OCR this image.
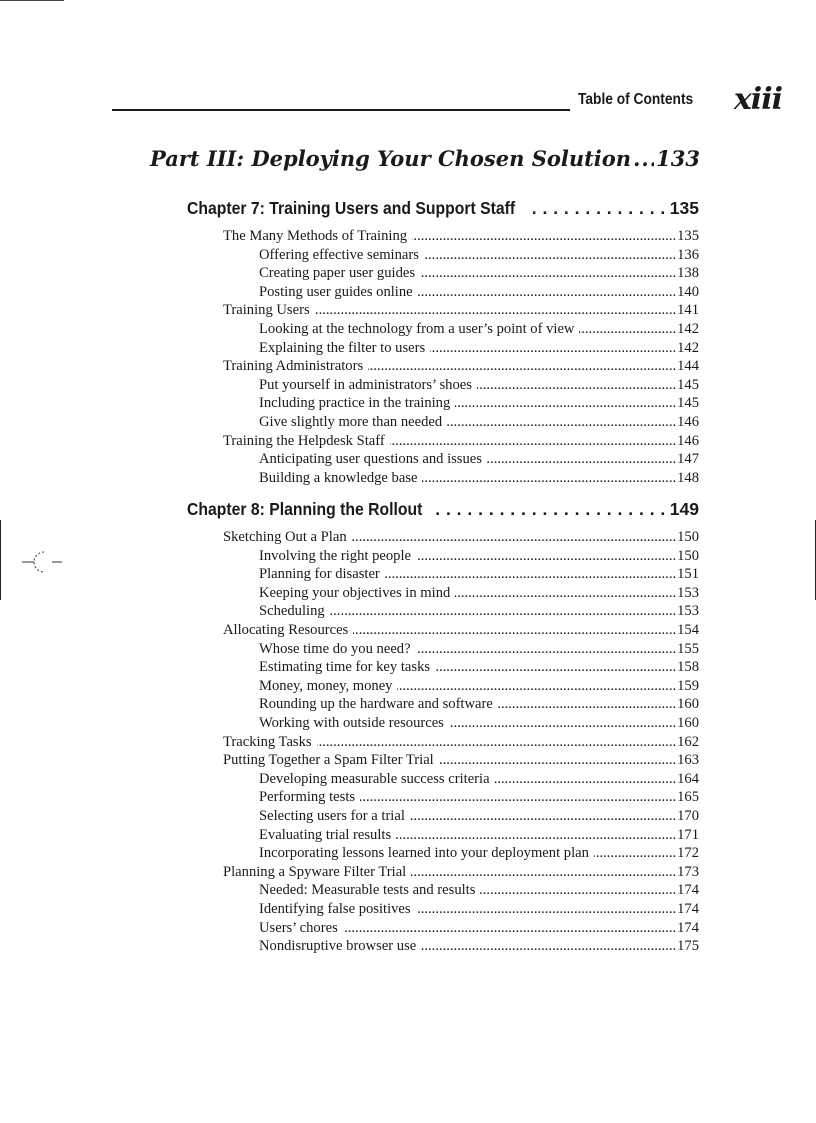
Table of Contents xiii
Part III: Deploying Your Chosen Solution ..... 133
Chapter 7: Training Users and Support Staff . . .	135
The Many Methods of Training .....	135
Offering effective seminars .....	136
Creating paper user guides .....	138
Posting user guides online .....	140
Training Users .....	141
Looking at the technology from a user’s point of view .....	142
Explaining the filter to users .....	142
Training Administrators .....	144
Put yourself in administrators’ shoes .....	145
Including practice in the training .....	145
Give slightly more than needed .....	146
Training the Helpdesk Staff .....	146
Anticipating user questions and issues .....	147
Building a knowledge base .....	148
Chapter 8: Planning the Rollout . . .	149
Sketching Out a Plan .....	150
Involving the right people .....	150
Planning for disaster .....	151
Keeping your objectives in mind .....	153
Scheduling .....	153
Allocating Resources .....	154
Whose time do you need? .....	155
Estimating time for key tasks .....	158
Money, money, money .....	159
Rounding up the hardware and software .....	160
Working with outside resources .....	160
Tracking Tasks .....	162
Putting Together a Spam Filter Trial .....	163
Developing measurable success criteria .....	164
Performing tests .....	165
Selecting users for a trial .....	170
Evaluating trial results .....	171
Incorporating lessons learned into your deployment plan .....	172
Planning a Spyware Filter Trial .....	173
Needed: Measurable tests and results .....	174
Identifying false positives .....	174
Users’ chores .....	174
Nondisruptive browser use .....	175
